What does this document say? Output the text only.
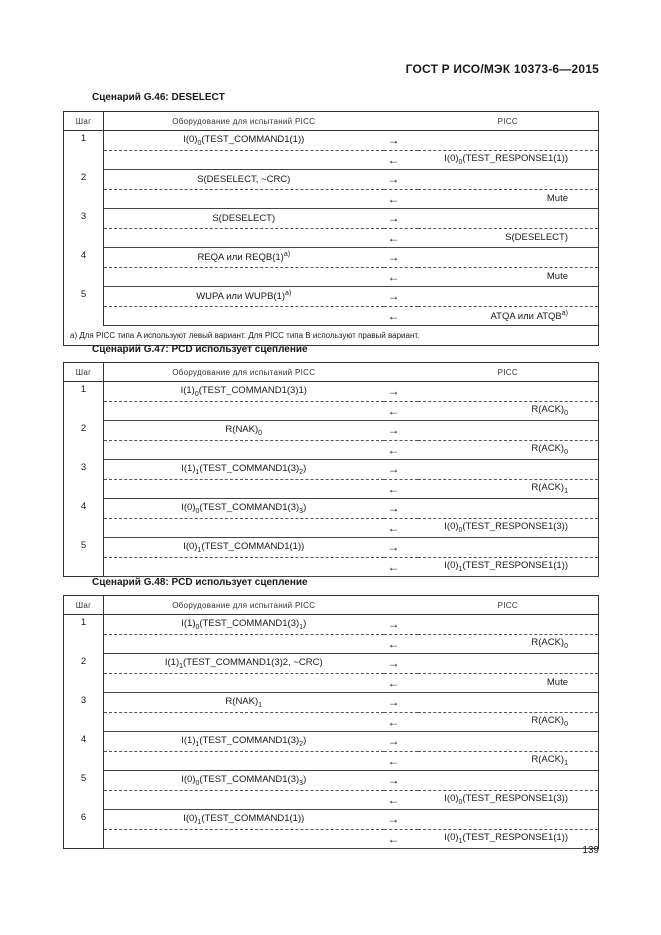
ГОСТ Р ИСО/МЭК 10373-6—2015
Сценарий G.46: DESELECT
Шаг	Оборудование для испытаний PICC		PICC
1	$I(0)_0(TEST\_COMMAND1(1))$	→	
		←	$I(0)_0(TEST\_RESPONSE1(1))$
2	S(DESELECT, ~CRC)	→	
		←	Mute
3	S(DESELECT)	→	
		←	S(DESELECT)
4	REQA или $REQB(1)^{a)}$	→	
		←	Mute
5	WUPA или $WUPB(1)^{a)}$	→	
		←	ATQA или ATQB$^{a)}$
a) Для PICC типа A используют левый вариант. Для PICC типа B используют правый вариант.			
Сценарий G.47: PCD использует сцепление
Шаг	Оборудование для испытаний PICC		PICC
1	$I(1)_0(TEST\_COMMAND1(3)1)$	→	
		←	$R(ACK)_0$
2	$R(NAK)_0$	→	
		←	$R(ACK)_0$
3	$I(1)_1(TEST\_COMMAND1(3)_2)$	→	
		←	$R(ACK)_1$
4	$I(0)_0(TEST\_COMMAND1(3)_3)$	→	
		←	$I(0)_0(TEST\_RESPONSE1(3))$
5	$I(0)_1(TEST\_COMMAND1(1))$	→	
		←	$I(0)_1(TEST\_RESPONSE1(1))$
Сценарий G.48: PCD использует сцепление
Шаг	Оборудование для испытаний PICC		PICC
1	$I(1)_0(TEST\_COMMAND1(3)_1)$	→	
		←	$R(ACK)_0$
2	$I(1)_1(TEST\_COMMAND1(3)2$, ~CRC)	→	
		←	Mute
3	$R(NAK)_1$	→	
		←	$R(ACK)_0$
4	$I(1)_1(TEST\_COMMAND1(3)_2)$	→	
		←	$R(ACK)_1$
5	$I(0)_0(TEST\_COMMAND1(3)_3)$	→	
		←	$I(0)_0(TEST\_RESPONSE1(3))$
6	$I(0)_1(TEST\_COMMAND1(1))$	→	
		←	$I(0)_1(TEST\_RESPONSE1(1))$
139
